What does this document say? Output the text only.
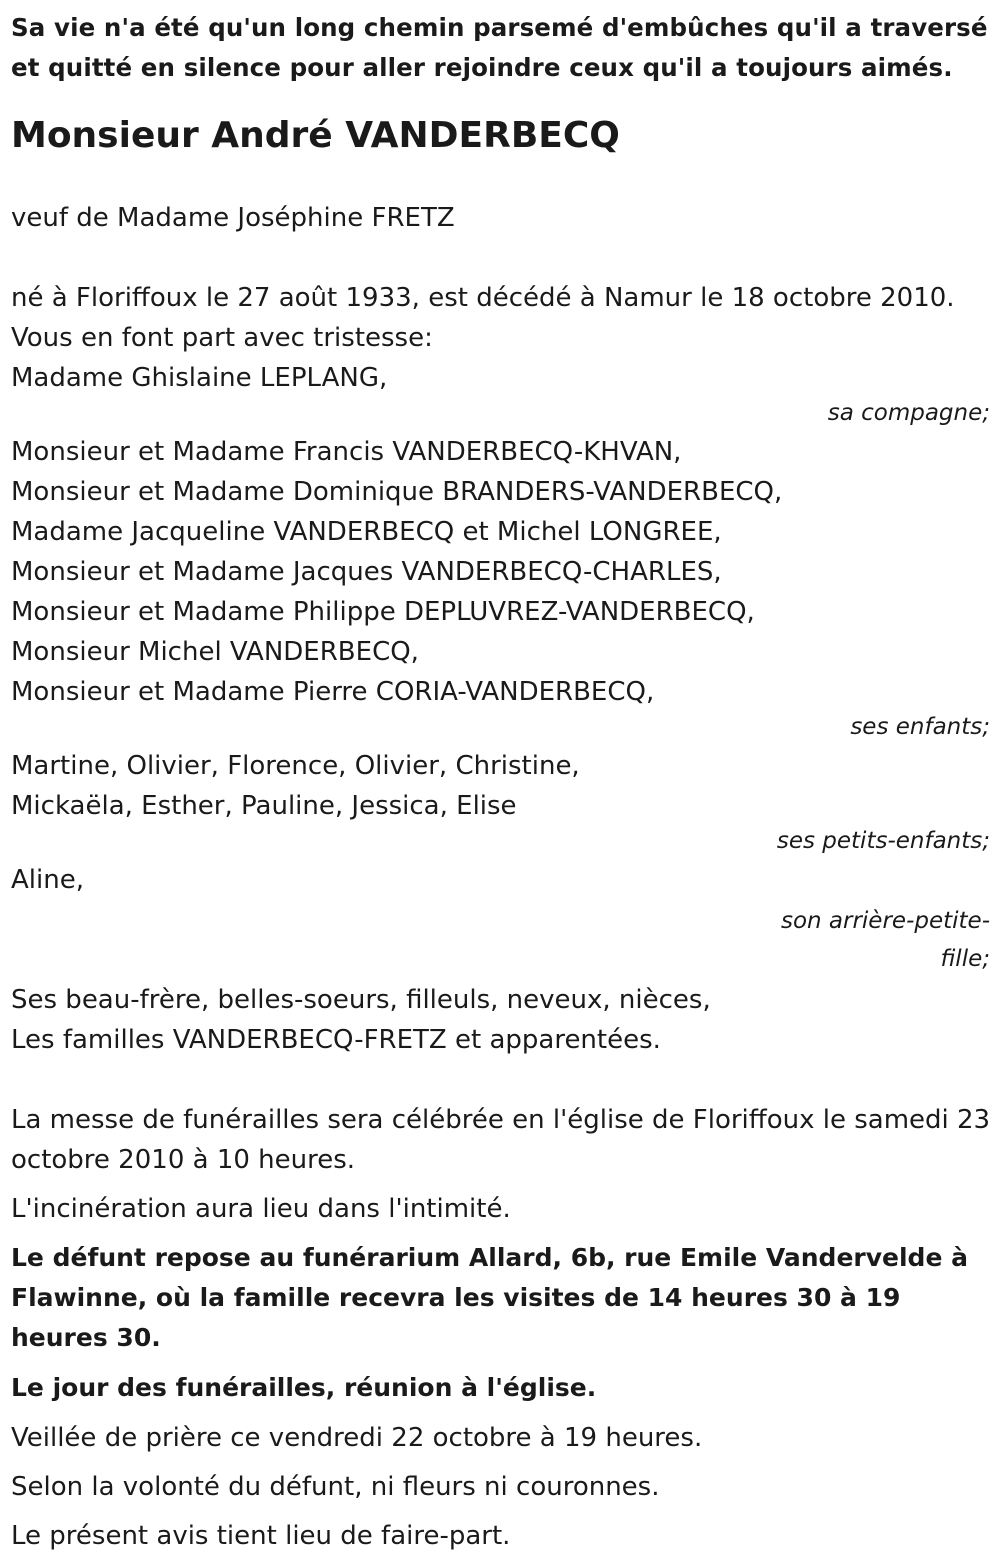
Sa vie n'a été qu'un long chemin parsemé d'embûches qu'il a traversé et quitté en silence pour aller rejoindre ceux qu'il a toujours aimés.
Monsieur André VANDERBECQ
veuf de Madame Joséphine FRETZ
né à Floriffoux le 27 août 1933, est décédé à Namur le 18 octobre 2010.
Vous en font part avec tristesse:
Madame Ghislaine LEPLANG,
sa compagne;
Monsieur et Madame Francis VANDERBECQ-KHVAN,
Monsieur et Madame Dominique BRANDERS-VANDERBECQ,
Madame Jacqueline VANDERBECQ et Michel LONGREE,
Monsieur et Madame Jacques VANDERBECQ-CHARLES,
Monsieur et Madame Philippe DEPLUVREZ-VANDERBECQ,
Monsieur Michel VANDERBECQ,
Monsieur et Madame Pierre CORIA-VANDERBECQ,
ses enfants;
Martine, Olivier, Florence, Olivier, Christine,
Mickaëla, Esther, Pauline, Jessica, Elise
ses petits-enfants;
Aline,
son arrière-petite-
fille;
Ses beau-frère, belles-soeurs, filleuls, neveux, nièces,
Les familles VANDERBECQ-FRETZ et apparentées.
La messe de funérailles sera célébrée en l'église de Floriffoux le samedi 23 octobre 2010 à 10 heures.
L'incinération aura lieu dans l'intimité.
Le défunt repose au funérarium Allard, 6b, rue Emile Vandervelde à Flawinne, où la famille recevra les visites de 14 heures 30 à 19 heures 30.
Le jour des funérailles, réunion à l'église.
Veillée de prière ce vendredi 22 octobre à 19 heures.
Selon la volonté du défunt, ni fleurs ni couronnes.
Le présent avis tient lieu de faire-part.
